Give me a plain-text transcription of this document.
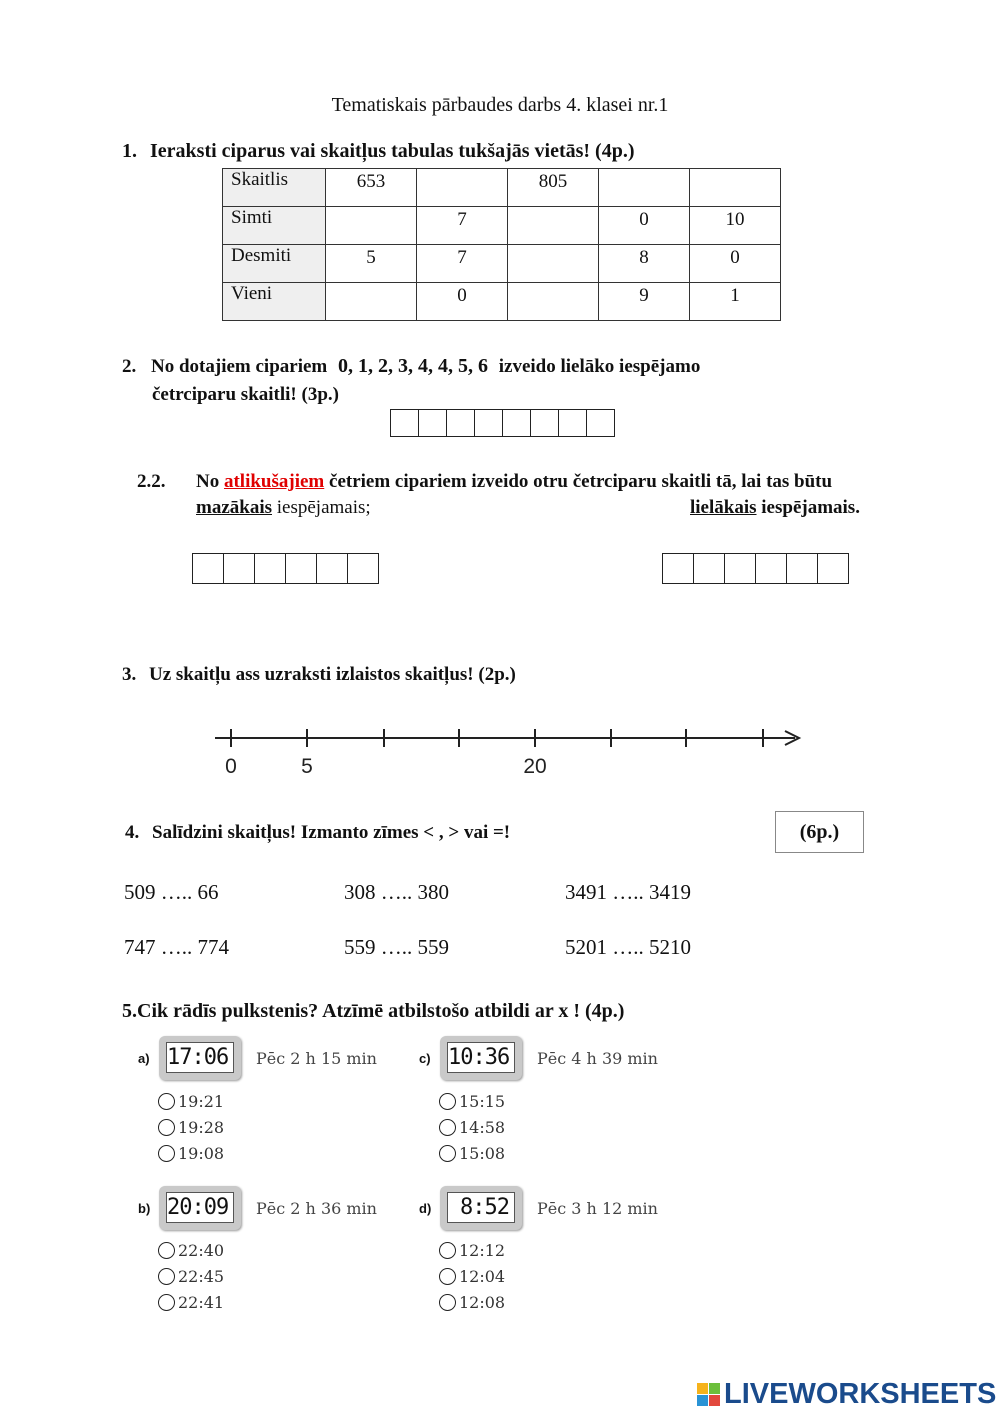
Tematiskais pārbaudes darbs 4. klasei nr.1
1. Ieraksti ciparus vai skaitļus tabulas tukšajās vietās! (4p.)
Skaitlis	653		805

Simti		7		0	10

Desmiti	5	7		8	0

Vieni		0		9	1
2. No dotajiem cipariem 0, 1, 2, 3, 4, 4, 5, 6 izveido lielāko iespējamo
četrciparu skaitli! (3p.)
2.2. No atlikušajiem četriem cipariem izveido otru četrciparu skaitli tā, lai tas būtu
mazākais iespējamais;	lielākais iespējamais.
3. Uz skaitļu ass uzraksti izlaistos skaitļus! (2p.)
0	5	20
4. Salīdzini skaitļus! Izmanto zīmes < , > vai =!	(6p.)
509 ….. 66	308 ….. 380	3491 ….. 3419
747 ….. 774	559 ….. 559	5201 ….. 5210
5.Cik rādīs pulkstenis? Atzīmē atbilstošo atbildi ar x ! (4p.)
a) 17:06	Pēc 2 h 15 min
19:21
19:28
19:08
c) 10:36	Pēc 4 h 39 min
15:15
14:58
15:08
b) 20:09	Pēc 2 h 36 min
22:40
22:45
22:41
d)	8:52	Pēc 3 h 12 min
12:12
12:04
12:08
LIVEWORKSHEETS
